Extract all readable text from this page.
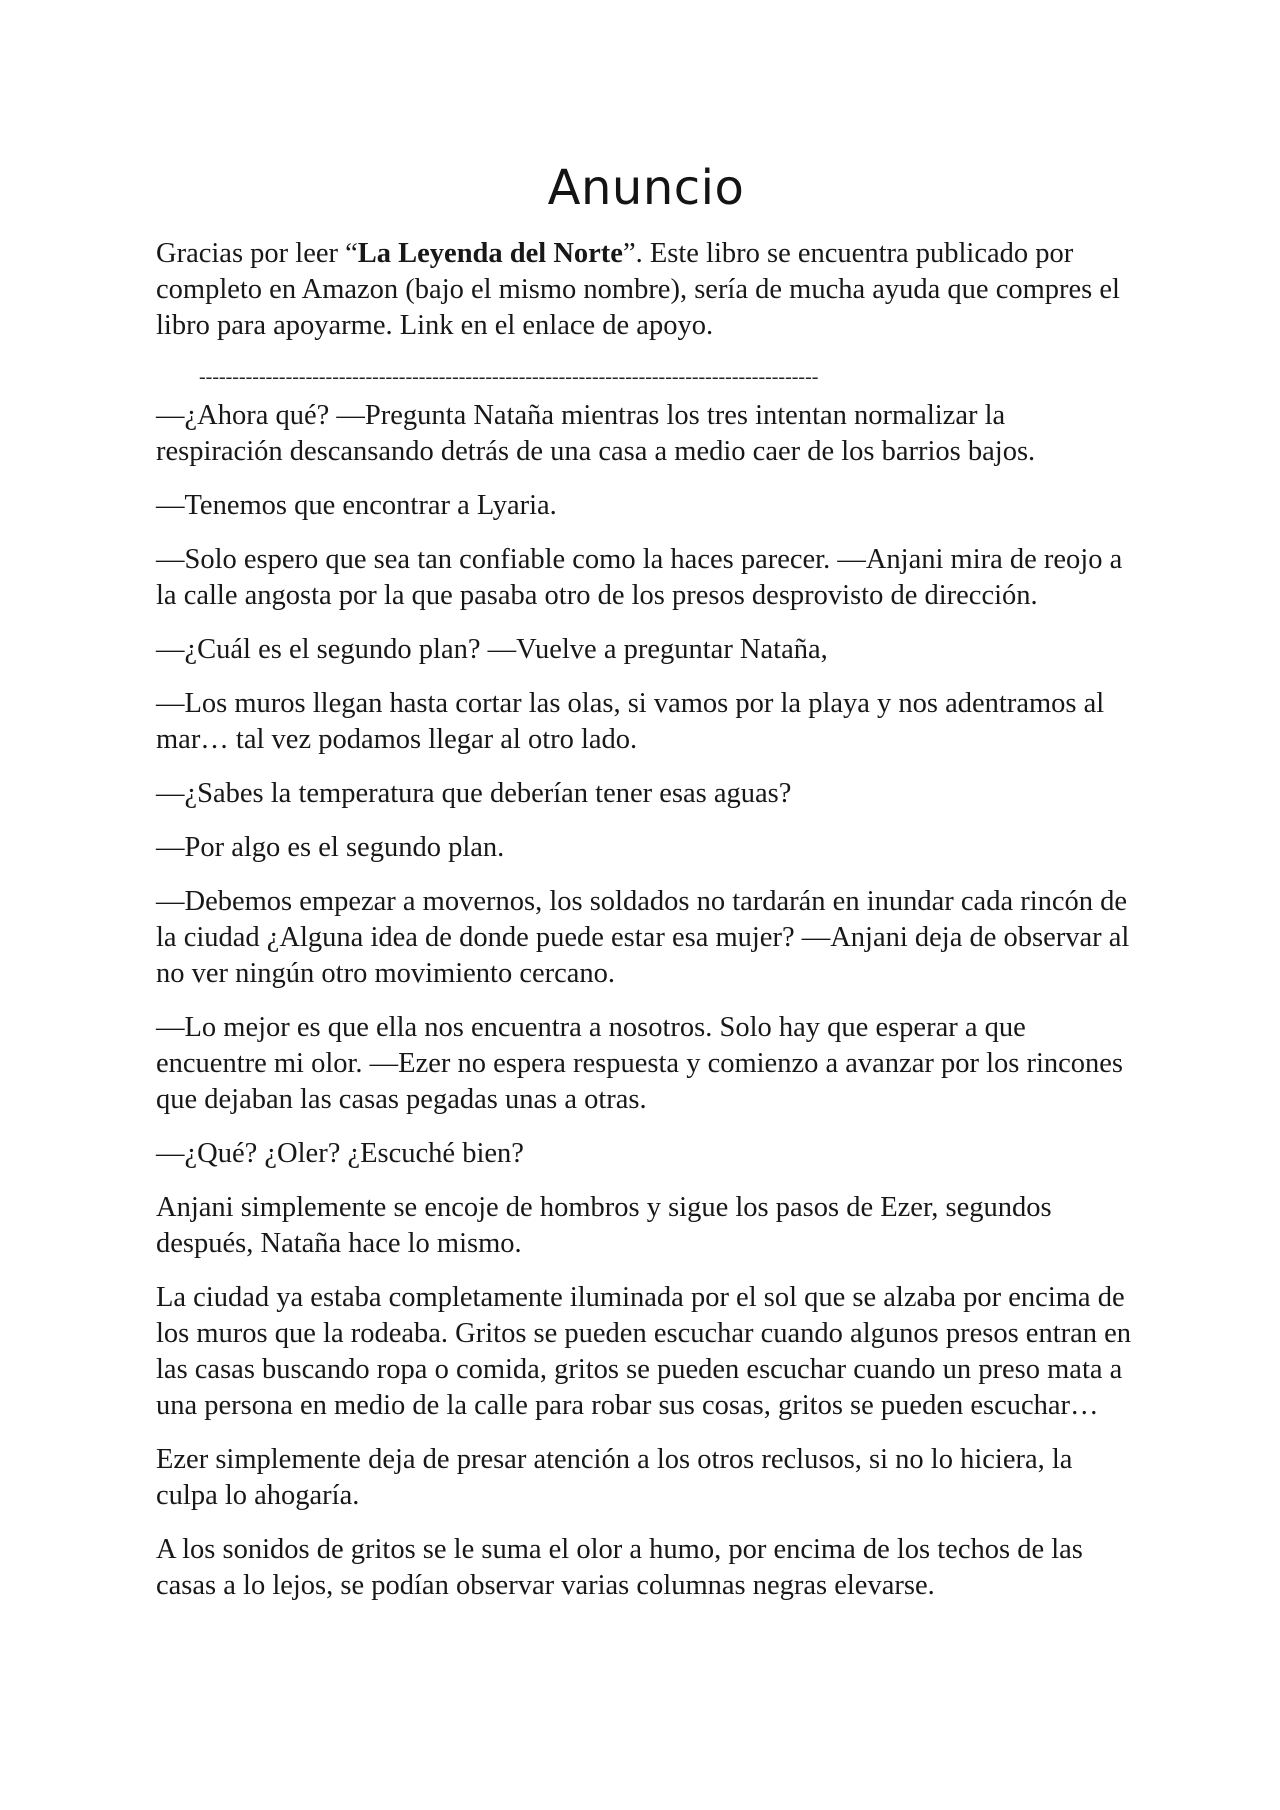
Anuncio

Gracias por leer “La Leyenda del Norte”. Este libro se encuentra publicado por completo en Amazon (bajo el mismo nombre), sería de mucha ayuda que compres el libro para apoyarme. Link en el enlace de apoyo.

---------------------------------------------------------------------------------------------

—¿Ahora qué? —Pregunta Natañа mientras los tres intentan normalizar la respiración descansando detrás de una casa a medio caer de los barrios bajos.

—Tenemos que encontrar a Lyaria.

—Solo espero que sea tan confiable como la haces parecer. —Anjani mira de reojo a la calle angosta por la que pasaba otro de los presos desprovisto de dirección.

—¿Cuál es el segundo plan? —Vuelve a preguntar Natañа,

—Los muros llegan hasta cortar las olas, si vamos por la playa y nos adentramos al mar… tal vez podamos llegar al otro lado.

—¿Sabes la temperatura que deberían tener esas aguas?

—Por algo es el segundo plan.

—Debemos empezar a movernos, los soldados no tardarán en inundar cada rincón de la ciudad ¿Alguna idea de donde puede estar esa mujer? —Anjani deja de observar al no ver ningún otro movimiento cercano.

—Lo mejor es que ella nos encuentra a nosotros. Solo hay que esperar a que encuentre mi olor. —Ezer no espera respuesta y comienzo a avanzar por los rincones que dejaban las casas pegadas unas a otras.

—¿Qué? ¿Oler? ¿Escuché bien?

Anjani simplemente se encoje de hombros y sigue los pasos de Ezer, segundos después, Natañа hace lo mismo.

La ciudad ya estaba completamente iluminada por el sol que se alzaba por encima de los muros que la rodeaba. Gritos se pueden escuchar cuando algunos presos entran en las casas buscando ropa o comida, gritos se pueden escuchar cuando un preso mata a una persona en medio de la calle para robar sus cosas, gritos se pueden escuchar…

Ezer simplemente deja de presar atención a los otros reclusos, si no lo hiciera, la culpa lo ahogaría.

A los sonidos de gritos se le suma el olor a humo, por encima de los techos de las casas a lo lejos, se podían observar varias columnas negras elevarse.
